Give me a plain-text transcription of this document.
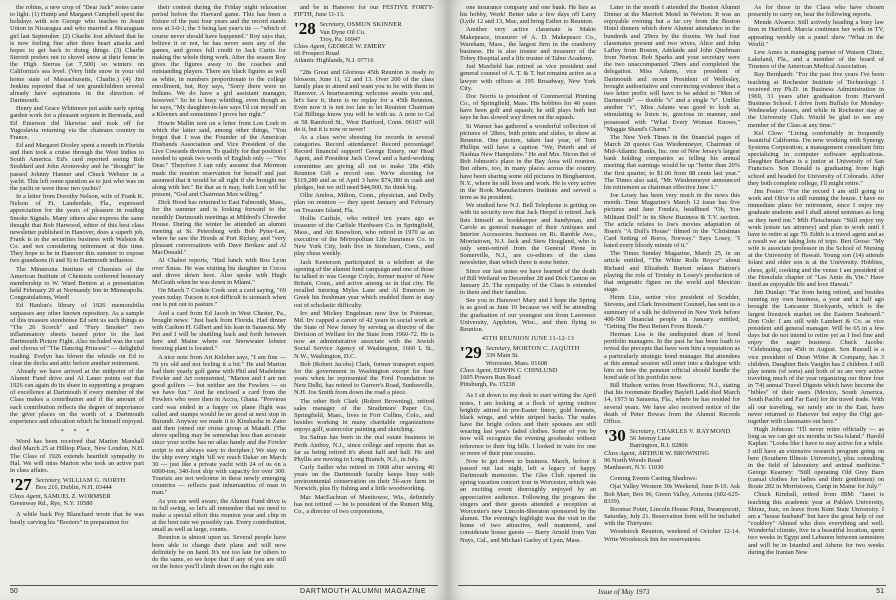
the robins, a new crop of "Dear Jack" notes came to light. (1) Hump and Margaret Campbell spent the holidays with son George who teaches in Jesuit Union in Nicaragua and who married a Nicaraguan girl last September. (2) Charlie Jost advised that he is now feeling fine after three heart attacks and hopes to get back to doing things. (3) Charlie Sterrett prefers not to shovel snow at their home in the High Sierras (at 7,500) so winters on California's sea level. (Very little snow in your old home state of Massachusetts, Charlie.) (4) Jim Jenkins reported that of ten grandchildren several already have aspirations in the direction of Dartmouth.

Henry and Grace Whitmore put aside early spring garden work for a pleasant sojourn in Bermuda, and Ed Emerson did likewise and took off for Yugoslavia returning via the chateaux country in France.

Ed and Margaret Dooley spent a month in Florida and then took a cruise through the West Indies to South America. Ed's card reported seeing Bob Stoddard and John Aronovsky and he "thought" he passed Johnny Hanner and Chuck Webster in a yacht. This left some question as to just who was on the yacht or were these two yachts?

In a letter from Dorothy Nelson, wife of Frank K. Nelson of Ft. Lauderdale, Fla., expressed appreciation for the years of pleasure in reading Smoke Signals. Many others also express the same thought that Bob Harwood, editor of this best class newsletter published in Hanover, does a superb job. Frank is in the securities business with Walston & Co. and not considering retirement at this time. They hope to be in Hanover this summer to expose two grandsons (6 and 9) to Dartmouth influence.

The Minnesota Institute of Chemists of the American Institute of Chemists conferred honorary membership to W. Ward Benton at a presentation held February 20 at Normandy Inn in Minneapolis. Congratulations, Ward!

Ed Hanlon's library of 1926 memorabilia surpasses any other known repository. As a sample of this treasure storehouse Ed sent us such things as "The 26 Scorch" and "Fury Smoker" two inflammatory sheets issued prior to the last Dartmouth Picture Fight. Also included was the cast and chorus of "The Dancing Princess" — delightful reading. Evelyn has blown the whistle on Ed to clear the decks and attic before another retirement.

Already we have arrived at the midpoint of the Alumni Fund drive and Al Lauer points out that 1926 can again do its share in supporting a program of excellence at Dartmouth if every member of the Class makes a contribution and if the amount of each contribution reflects the degree of importance the giver places on the worth of a Dartmouth experience and education which he himself enjoyed.

* * *

Word has been received that Marion Marshall died March 25 at Hilltop Place, New London, N.H. The Class of 1926 extends heartfelt sympathy to Hal. We will miss Marion who took an active part in class affairs.

'27 Secretary, WILLIAM G. NORTH
Box 216, Dublin, N.H. 03444
Class Agent, SAMUEL Z. WORMSER
Greenway Rd., Rye, N.Y. 10580

A while back Pey Blanchard wrote that he was busily carving his "Booters" in preparation for

their contest during the Friday night relaxation period before the Harvard game. This has been a fixture of the past four years and the record stands now at 3-0-1, the 3 being last year's tie — "which of course never should have happened." Roy says that, believe it or not, he has never seen any of the games, and grows full credit to Jack Curtis for making the whole thing work. After the season Roy gives the figures away to the coaches and outstanding players. There are black figures as well as white, in numbers proportionate to the college enrollment, but, Roy says, "Sorry there were no Indians. We do have a girl assistant manager, however." So he is busy whittling, even though as he says, "My daughter-in-law says I'd cut myself on a Kleenex and sometimes I prove her right."

Howie Mallin sent on a letter from Lon Loeb in which the latter said, among other things, "You forgot that I was the Founder of the American Husbands Association and Vice President of the Live Cowards division. To qualify for that position I needed to speak two words of English only — "Yes Dear." Therefore I can only assume that Mormon made the reunion reservation for herself and just assumed that it would be all right if she brought me along with her." Be that as it may, both Lon will be present, "God and Chairman Max willing."

Dick Hood has returned to East Falmouth, Mass., for the summer and is looking forward to the monthly Dartmouth meetings at Mildred's Chowder House. During the winter he attended an alumni meeting at St. Petersburg with Bob Pyter-Lee, where he saw the Hoods at Port Richey, and "very pleasant conversations with Dave Brokaw and Al MacDonald."

Al Chabot reports, "Had lunch with Ros Lyon over Xmas. He was visiting his daughter in Cocoa and drove down here. Also spoke with Hugh McGrath when he was down in Miami."

On March 7 Cookie Cook sent a card saying, "69 years today. Tucson is not difficult to stomach when one is put out to pasture."

And a card from Ed Jacob in West Chester, Pa., brought news: "Just back from Florida. Had dinner with Carlton H. Gilbert and his lean in Sarasota. My Pet and I will be shuttling back and forth between here and Maine where our Snowwater lobster freezing plant is located."

A nice note from Art Keleher says, "I am fine — 70 yrs old and not feeling it a bit." He and Marion had their yearly golf game with Phil and Madeleine Fowler and Art commented, "Marion and I are not good golfers — but neither are the Fowlers — so we have fun." And he enclosed a card from the Fowlers who were then in Accra, Ghana. "Previous card was ended in a happy ox plane flight was called and stamps would be no good at next stop in Burundi. Anyway we made it to Kinshasha in Zaire and then joined our cruise group at Matadi. (The above spelling may be somewhat less than accurate since your scribe has no atlas handy and the Fowler script is not always easy to decipher.) We stay on the ship every night 'till we reach Dakar on March 30 — just like a private yacht with 24 of us on a 6000-ton, 340-foot ship with capacity for over 300. Tourists are not welcome in these newly emerging countries — reflects past inhumanities of man to man."

As you are well aware, the Alumni Fund drive is in full swing, so let's all remember that we need to make a special effort this reunion year and chip in at the best rate we possibly can. Every contribution, small as well as large, counts.

Reunion is almost upon us. Several people have been able to change their plans and will now definitely be on hand. It's not too late for others to do the same, so we hope that if any of you are still on the fence you'll climb down on the right side

and be in Hanover for our FESTIVE FORTY-FIFTH, June 11-13.

'28 Secretary, OSMUN SKINNER
Van Dyne Oil Co.
Troy, Pa. 16947
Class Agent, GEORGE W. EMERY
66 Prospect Road
Atlantic Highlands, N.J. 07716

"28s Great and Glorious 45th Reunion is ready to blossom, June 11, 12 and 13. Over 200 of the class family plan to attend and want you to be with them in Hanover. A heartwarming welcome awaits you and, let's face it, there is no replay for a 45th Reunion. Even now it is not too late to let Reunion Chairman Cal Billings know you will be with us. A note to Cal at 58 Ramford St., West Hartford, Conn. 06107 will do it, but it is now or never!

As a class we're shooting for records in several categories. Record attendance! Record percentage! Record financial support! George Emery, our Head Agent, and President Jack Crowl and a hard-working committee are giving all out to make '28s 45th Reunion Gift a record one. We're shooting for $119,280 and as of April 3 have $74,380 in cash and pledges, but we still need $44,900. So think big.

Ollie Ambos, Milton, Conn., physician, and Dolly plan on reunion — they spent January and February on Treasure Island, Fla.

Hollis Carlisle, who retired ten years ago as treasurer of the Carlisle Hardware Co. in Springfield, Mass., and Art Knowlton, who retired in 1970 as an executive of the Metropolitan Life Insurance Co. in New York City, both live in Stoneham, Conn., and play chess weekly.

Jack Keeterson participated in a telethon at the opening of the alumni fund campaign and one of those he talked to was George Coyle, former mayor of New Britain, Conn., and active among us in that city. He recalled tutoring Myles Lane and Al Emerson in Greek his freshman year which enabled them to stay out of scholastic difficulty.

Irv and Mickey Engelman now live in Potomac, Md. Irv capped a career of 42 years in social work at the State of New Jersey by serving as director of the Division of Welfare for the State from 1960-72. He is now an administrative associate with the Jewish Social Service Agency of Washington, 1660 L St., N.W., Washington, D.C.

Bob (Robert Jacobs) Clark, former transport expert for the government in Washington except for four years when he represented the Ford Foundation in New Delhi, has retired to Gurrerr's Road, Sunbeeville, N.H. Joe Smith from down the road a piece.

The other Bob Clark (Robert Browning), retired sales manager of the Strathmore Paper Co., Springfield, Mass., lives in Fort Collins, Colo., and besides working in many charitable organizations enjoys golf, watercolor painting and sketching.

Ira Safran has been in the real estate business in Perth Amboy, N.J., since college and reports that as far as being retired it's about half and half. He and Phyllis are moving to Long Branch, N.J., in July.

Curly Sadler who retired in 1968 after serving 40 years on the Dartmouth faculty keeps busy with environmental conservation on their 56-acre farm in Norwich, plus fly fishing and a little woodworking.

Mac MacEachran of Manitowoc, Wis., definitely has not retired — he is president of the Rumert Mfg. Co., a director of two corporations,

50	DARTMOUTH ALUMNI MAGAZINE

one insurance company and one bank. He lists as his hobby, Work! Better take a few days off Larry (Lytle 12 and 13, Mac, and bring Esther to Reunion.

Another very active classmate is Makie Makepeace, treasurer of A. D. Makepeace Co., Wareham, Mass., the largest firm in the cranberry business. He is also trustee and treasurer of the Tobey Hospital and a life trustee of Tabor Academy.

Jud Maxfield has retired as vice president and general counsel of A. T. & T. but remains active as a lawyer with offices at 195 Broadway, New York City.

Doc Norris is president of Commercial Printing Co., of Springfield, Mass. His hobbies for 40 years have been golf and squash; he still plays both but says he has slowed way down on the squash.

Si Warner has gathered a wonderful collection of pictures of '28ers, both prints and slides, to show at Reunion. One picture, taken last year, of Tom Phillips will have a caption "We, Peterb and of Nashua New Hampshire." He and Mrs. Nicon Bet of Bob Johnson's place in the Bay Area will reunion. But others, too, in many places across the country have been sharing some old pictures in Binghamton, N.Y., where he still lives and work. He is very active in the Book Manufacturers Institute and served a term as its president.

We studied how N.J. Bell Telephone is getting on with its security now that Jack Herpel is retired. Jack lists himself as bookkeeper and handyman, and Carole as general manager of their Antiques and Interior Accessories business on Rt. Ramble Ave., Morristown, N.J. Jack and Stew Hougland, who is only semi-retired from the General Pione in Somerville, N.J., are co-editors of the class newsletter, than which there is none better.

Since our last notes we have learned of the death of Bill Weiland on December 28 and Dick Canton on January 25. The sympathy of the Class is extended to them and their families.

See you in Hanover! Mary and I hope the Spring is as good as June 10 because we will be attending the graduation of our youngest son from Lawrence University, Appleton, Wisc., and then flying to Reunion.

45TH REUNION JUNE 11-12-13

'29 Secretary, MORTON C. JAQUITH
339 Main St.
Worcester, Mass. 01608
Class Agent, EDWIN C. CHINLUND
1605 Powers Run Road
Pittsburgh, Pa. 15238

As I sit down to my desk to start writing the April notes, I am looking at a flock of spring visitors brightly attired in pre-Easter finery, gold bonnets, black wings, and white striped backs. The males have the bright colors and their spouses are still wearing last year's faded clothes. Some of you by now will recognize the evening grosbeaks without reference to their big bills. I looked in vain for one or more of their pine cousins.

Now to get down to business. March, before it passed out last night, left a legacy of happy Dartmouth memories. The Glee Club opened its spring vacation concert tour in Worcester, which was an exciting event thoroughly enjoyed by an appreciative audience. Following the program the singers and their guests attended a reception at Worcester's new Lincoln-Sheraton sponsored by the alumni. The evening's highlight was the visit in the home of two attractive, well mannered, and considerate house guests — Barry Arnold from Van Nuys, Cal., and Michael Garley of Lynn, Mass.

Later in the month I attended the Boston Alumni Dinner at the Marriott Motel in Newton. It was an enjoyable evening but a far cry from the Boston Hotel dinners which drew Alumni attendance in the hundreds and '29ers by the dozens. We had four classmates present and two wives, Alice and John Laffey from Boston, Adelaide and John Quebman from Norton. Bob Sparks and your secretary were the two unaccompanied '29ers and completed the delegation. Miss Adams, vice president of Dartmouth and recent President of Wellesley, brought authoritative and convincing evidence that a two letter prefix will have to be added to "Men of Dartmouth" — double "s" and a single "e". Unlike another "e", Miss Adams was good to look at, stimulating to listen to, gracious in manner, and possessed with "What Every Woman Knows," "Maggie Shand's Charm."

The New York Times in the financial pages of March 28 quotes Gus Wiedenmeyer, Chairman of Mid-Atlantic Banks, Inc. one of New Jersey's largest bank holding companies as telling his annual meeting that earnings would be up "better than 20% the first quarter, to $1.06 from 88 cents last year." The Times also said, "Mr. Wiedenmeyer announced his retirement as chairman effective June 1."

Joe Losey has been very much in the news this month. Time Magazine's March 12 issue has five pictures and Jane Fonda's, headlined "Oh, You Militant Doll" in its Show Business & T.V. section. The article relates to Joe's movies adaptation of Ibsen's "A Doll's House" filmed in the "Christmas Card Setting of Roros, Norway." Says Losey, "I hated every bloody minute of it."

The Times Sunday Magazine, March 25, in an article entitled, "The White Rolls Royce" about Richard and Elizabeth Burton relates Burton's playing the role of Trotsky in Losey's production of that enigmatic figure on the world and Mexican stage.

Herm Liss, senior vice president of Scudder, Stevens, and Clark Investment Counsel, has sent us a summary of a talk he delivered in New York before 400-500 financial people in January entitled, "Getting The Best Return From Bonds."

Herman Liss is the undisputed dean of bond portfolio managers. In the past he has been loath to reveal the precepts that have won him a reputation as a particularly strategic bond manager. But attendees at this annual session will enter into a dialogue with him on how the pension official should handle the bond side of his portfolio now.

Bill Hudson writes from Hawthorne, N.J., stating that his roommate Bradley Bayleft Ladd died March 14, 1973 in Sarasota, Fla., where he has resided for several years. We have also received notice of the death of Peter Bowas from the Alumni Records Office.

'30 Secretary, CHARLES V. RAYMOND
56 Jeremy Lane
Barrington, R.I. 02806
Class Agent, ARTHUR W. BROWNING
96 North Woods Road
Manhasset, N.Y. 11030

Coming Events Casting Shadows:

Ojai Valley Western 30s Weekend, June 8-10. Ask Bob Marr, Box 96, Green Valley, Arizona (602-625-8339).

Boomse Point, Lincoln House Point, Swampscott, Saturday, July 21. Reservation form will be included with the Thirtyster.

Woodstock Reunion, weekend of October 12-14. Write Woodstock Inn for reservations.

As for those in the Class who have chosen presently to carry on, hear the following reports.

Mende Alvarez: Still actively heading a busy law firm in Hartford. Marcia continues her work in TV, appearing weekly on a panel show "What in the World."

Lew Ames is managing partner of Watson Clinic, Lakeland, Fla., and a member of the board of Trustees of the American Medical Association.

Ray Bernhardt: "For the past five years I've been teaching at Rochester Institute of Technology. I received my Ph.D. in Business Administration in 1969, 31 years after graduation from Harvard Business School. I drive from Buffalo for Monday-Wednesday classes, and while in Rochester stay at the University Club. Would be glad to see any member of the Class at any time."

Kel Clow: "Living comfortably in frequently beautiful California. I'm now working with Synergy Systems Corporation, a management consultant firm specializing in computer software applications. Daughter Barbara is a junior at University of San Francisco. Son Donald is graduating from high school and headed for University of Colorado. After they both complete college, I'll might retire."

Jim Foster: "For the record I am still going to work and Olive is still running the house. I have no immediate plans for retirement, since I enjoy my graduate students and I shall attend seminars as long as they need me." Milt Fleischman: "Still enjoy my work (estate tax attorney) and plan to work until I have to retire at age 70. Edith is a travel agent and as a result we are taking lots of trips. Bert Grose: "My wife is associate professor in the School of Nursing at the University of Hawaii. Young son (14) attends Iolani and older son is at the University. Hobbies, chess, golf, cooking and the venue I am president of the Honolulu chapter of "Les Amis du Vin." Have lined an enjoyable life and love Hawaii."

Jim Dunlap: "Far from being retired, and besides running my own business, a year and a half ago brought the Lancaster Stockyards, which is the largest livestock market on the Eastern Seaboard." Don Cole: I am still with Lambert & Co. as vice president and general manager. Will be 65 in a few days but do not intend to retire yet as I feel fine and enjoy the eager business. Chuck Jacobs: "Celebrating our 45th in August. Son Russell is a vice president of Dean Witter & Company, has 3 children. Daughter Bets Vaughn has 2 children. I still play tennis (of sorts) and both of us are very active traveling much of the year organizing our three four in '74) annual Travel Digests which have become the "bibles" of their users (Mexico, South America, South Pacific and Far East) for the travel trade. With all our traveling, we rarely are in the East, have never returned to Hanover but enjoy the Olgi get-together with classmates out here."

Hugh Johnson: "I'll never retire officially — as long as we can get six months in Sea Island." Harold Kaplan: "Looks like I have to stay active for a while. I still have an extensive research program going on here (Southern Illinois University), plus consulting in the field of laboratory and animal medicine." George Kearney: "Still operating Old Grey Barn (casual clothes for ladies and their gentlemen) on Route 202 in Morristown, Camp in Maine for July."

Chuck Kimball, retired from IBM: "Janet is teaching this academic year at Pahlavi University, Shiraz, Iran, on leave from Kent State University. I am a "house husband" but have the great help of our "cookboy" Ahmed who does everything and well. Wonderful climate, live in a beautiful location, spent two weeks in Egypt and Lebanon between semesters and will be in Istanbul and Athens for two weeks during the Iranian New

Issue of May 1973	51
